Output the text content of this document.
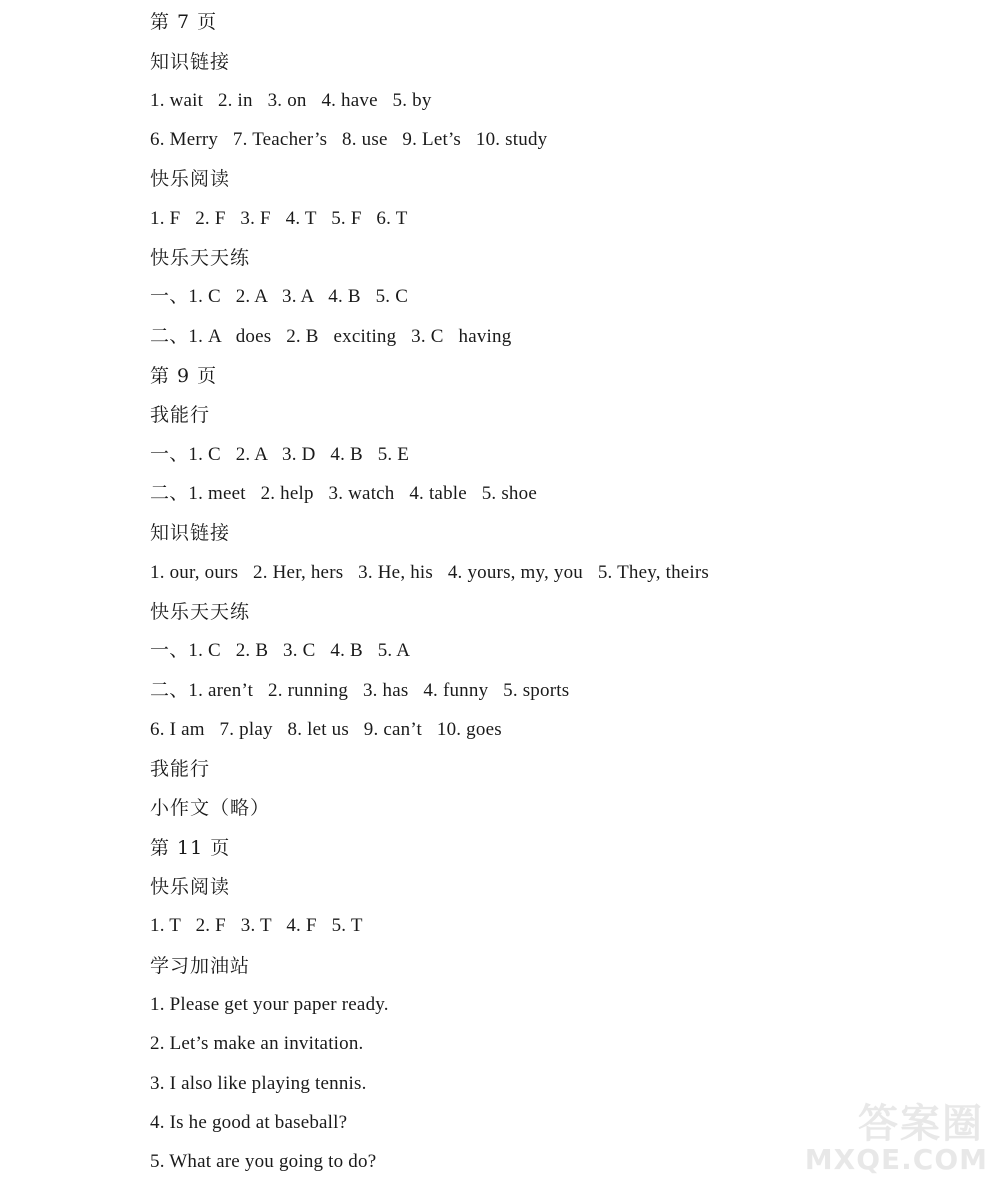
第 7 页
知识链接
1. wait   2. in   3. on   4. have   5. by
6. Merry   7. Teacher’s   8. use   9. Let’s   10. study
快乐阅读
1. F   2. F   3. F   4. T   5. F   6. T
快乐天天练
一、1. C   2. A   3. A   4. B   5. C
二、1. A   does   2. B   exciting   3. C   having
第 9 页
我能行
一、1. C   2. A   3. D   4. B   5. E
二、1. meet   2. help   3. watch   4. table   5. shoe
知识链接
1. our, ours   2. Her, hers   3. He, his   4. yours, my, you   5. They, theirs
快乐天天练
一、1. C   2. B   3. C   4. B   5. A
二、1. aren’t   2. running   3. has   4. funny   5. sports
6. I am   7. play   8. let us   9. can’t   10. goes
我能行
小作文（略）
第 11 页
快乐阅读
1. T   2. F   3. T   4. F   5. T
学习加油站
1. Please get your paper ready.
2. Let’s make an invitation.
3. I also like playing tennis.
4. Is he good at baseball?
5. What are you going to do?
答案圈
MXQE.COM
